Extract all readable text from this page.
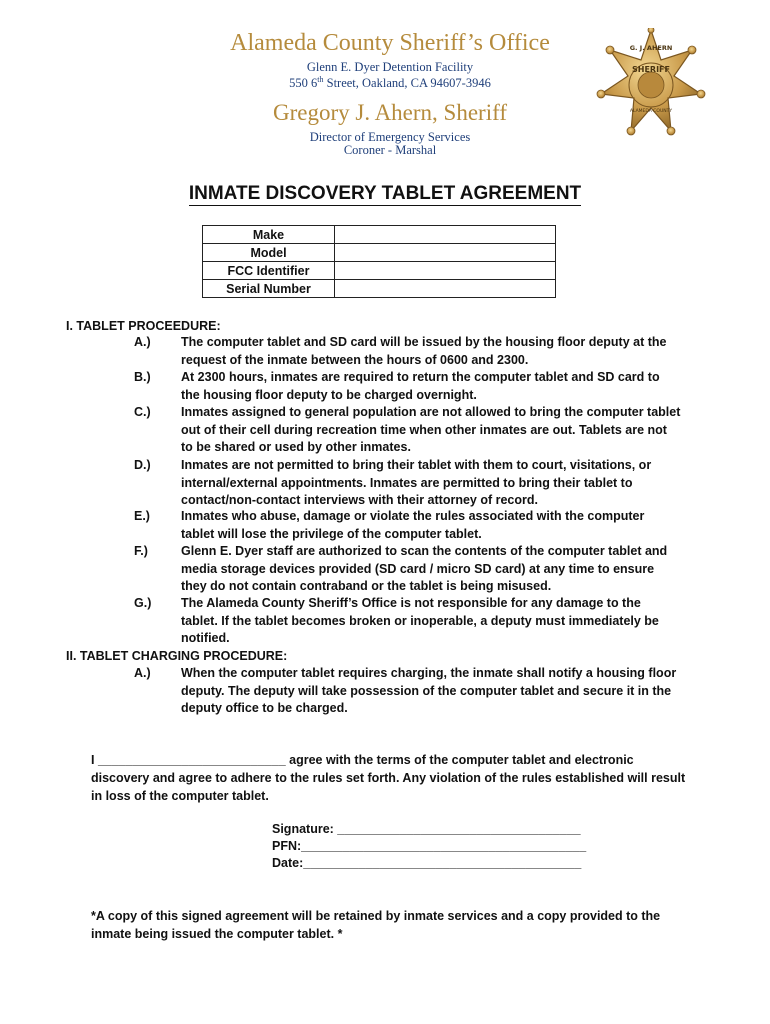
Alameda County Sheriff’s Office
Glenn E. Dyer Detention Facility
550 6th Street, Oakland, CA 94607-3946
Gregory J. Ahern, Sheriff
Director of Emergency Services
Coroner - Marshal
G. J. AHERN
SHERIFF
ALAMEDA COUNTY
INMATE DISCOVERY TABLET AGREEMENT
Make	
Model	
FCC Identifier	
Serial Number	
I. TABLET PROCEEDURE:
A.)	The computer tablet and SD card will be issued by the housing floor deputy at the request of the inmate between the hours of 0600 and 2300.
B.)	At 2300 hours, inmates are required to return the computer tablet and SD card to the housing floor deputy to be charged overnight.
C.)	Inmates assigned to general population are not allowed to bring the computer tablet out of their cell during recreation time when other inmates are out. Tablets are not to be shared or used by other inmates.
D.)	Inmates are not permitted to bring their tablet with them to court, visitations, or internal/external appointments. Inmates are permitted to bring their tablet to contact/non-contact interviews with their attorney of record.
E.)	Inmates who abuse, damage or violate the rules associated with the computer tablet will lose the privilege of the computer tablet.
F.)	Glenn E. Dyer staff are authorized to scan the contents of the computer tablet and media storage devices provided (SD card / micro SD card) at any time to ensure they do not contain contraband or the tablet is being misused.
G.)	The Alameda County Sheriff’s Office is not responsible for any damage to the tablet. If the tablet becomes broken or inoperable, a deputy must immediately be notified.
II. TABLET CHARGING PROCEDURE:
A.)	When the computer tablet requires charging, the inmate shall notify a housing floor deputy. The deputy will take possession of the computer tablet and secure it in the deputy office to be charged.
I ___________________________ agree with the terms of the computer tablet and electronic discovery and agree to adhere to the rules set forth. Any violation of the rules established will result in loss of the computer tablet.
Signature: ___________________________________
PFN:_________________________________________
Date:________________________________________
*A copy of this signed agreement will be retained by inmate services and a copy provided to the inmate being issued the computer tablet. *
